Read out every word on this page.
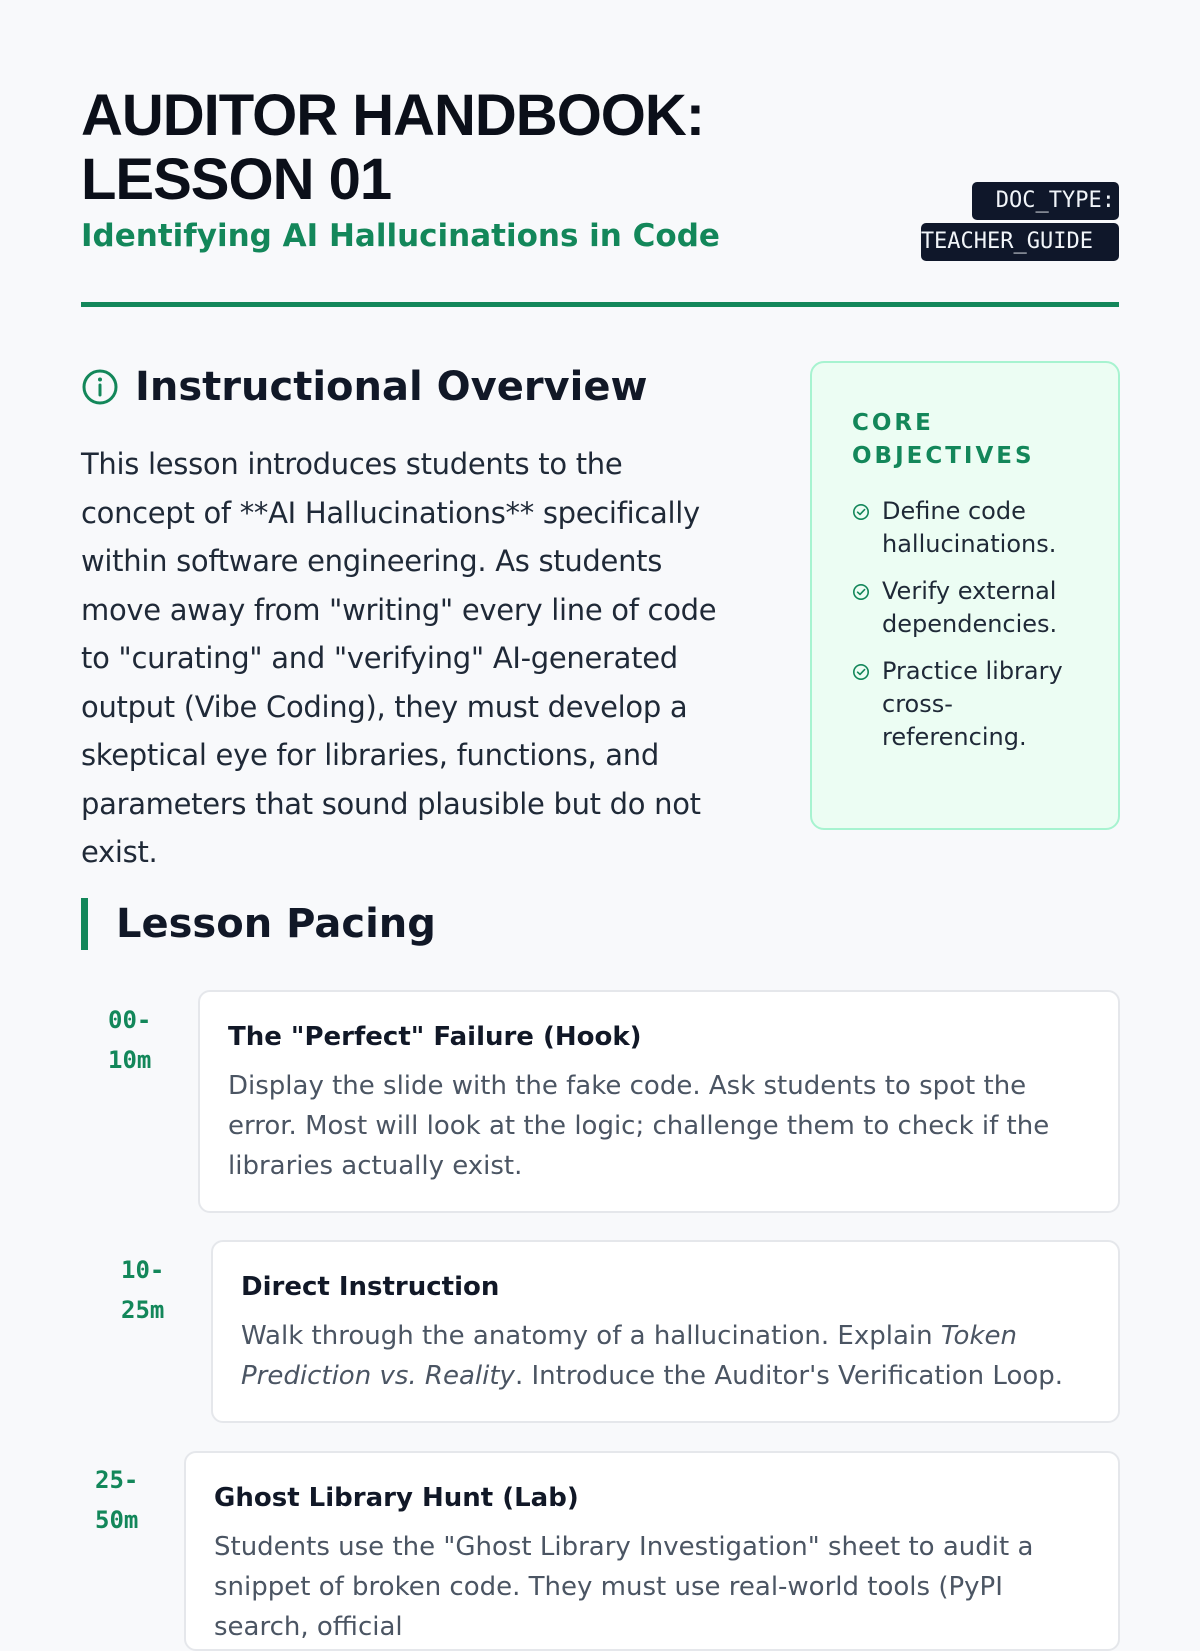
AUDITOR HANDBOOK:
LESSON 01
Identifying AI Hallucinations in Code
DOC_TYPE:
TEACHER_GUIDE
Instructional Overview

This lesson introduces students to the concept of **AI Hallucinations** specifically within software engineering. As students move away from "writing" every line of code to "curating" and "verifying" AI-generated output (Vibe Coding), they must develop a skeptical eye for libraries, functions, and parameters that sound plausible but do not exist.

CORE OBJECTIVES
Define code hallucinations.
Verify external dependencies.
Practice library cross-referencing.
Lesson Pacing
00-
10m
The "Perfect" Failure (Hook)

Display the slide with the fake code. Ask students to spot the error. Most will look at the logic; challenge them to check if the libraries actually exist.

10-
25m
Direct Instruction

Walk through the anatomy of a hallucination. Explain Token Prediction vs. Reality. Introduce the Auditor's Verification Loop.

25-
50m
Ghost Library Hunt (Lab)

Students use the "Ghost Library Investigation" sheet to audit a snippet of broken code. They must use real-world tools (PyPI search, official
